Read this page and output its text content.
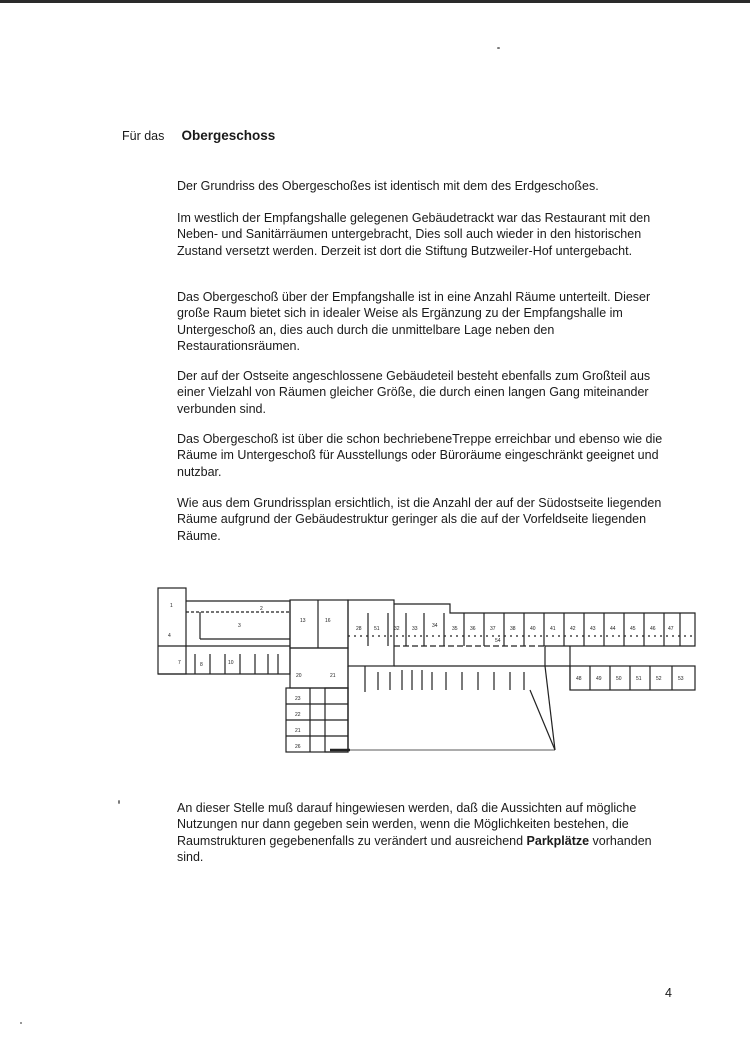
Für das Obergeschoss

Der Grundriss des Obergeschoßes ist identisch mit dem des Erdgeschoßes.

Im westlich der Empfangshalle gelegenen Gebäudetrackt war das Restaurant mit den Neben- und Sanitärräumen untergebracht, Dies soll auch wieder in den historischen Zustand versetzt werden. Derzeit ist dort die Stiftung Butzweiler-Hof untergebacht.

Das Obergeschoß über der Empfangshalle ist in eine Anzahl Räume unterteilt. Dieser große Raum bietet sich in idealer Weise als Ergänzung zu der Empfangshalle im Untergeschoß an, dies auch durch die unmittelbare Lage neben den Restaurationsräumen.

Der auf der Ostseite angeschlossene Gebäudeteil besteht ebenfalls zum Großteil aus einer Vielzahl von Räumen gleicher Größe, die durch einen langen Gang miteinander verbunden sind.

Das Obergeschoß ist über die schon bechriebeneTreppe erreichbar und ebenso wie die Räume im Untergeschoß für Ausstellungs oder Büroräume eingeschränkt geeignet und nutzbar.

Wie aus dem Grundrissplan ersichtlich, ist die Anzahl der auf der Südostseite liegenden Räume aufgrund der Gebäudestruktur geringer als die auf der Vorfeldseite liegenden Räume.

1
3
2
13	16
4
7	8	10
20	21
23
22
21
26
28 51	32 33	34	35 36	37	38	40	41	42	43	44	45	46 47
54
48	49	50	51	52	53

An dieser Stelle muß darauf hingewiesen werden, daß die Aussichten auf mögliche Nutzungen nur dann gegeben sein werden, wenn die Möglichkeiten bestehen, die Raumstrukturen gegebenenfalls zu verändert und ausreichend Parkplätze vorhanden sind.

4
